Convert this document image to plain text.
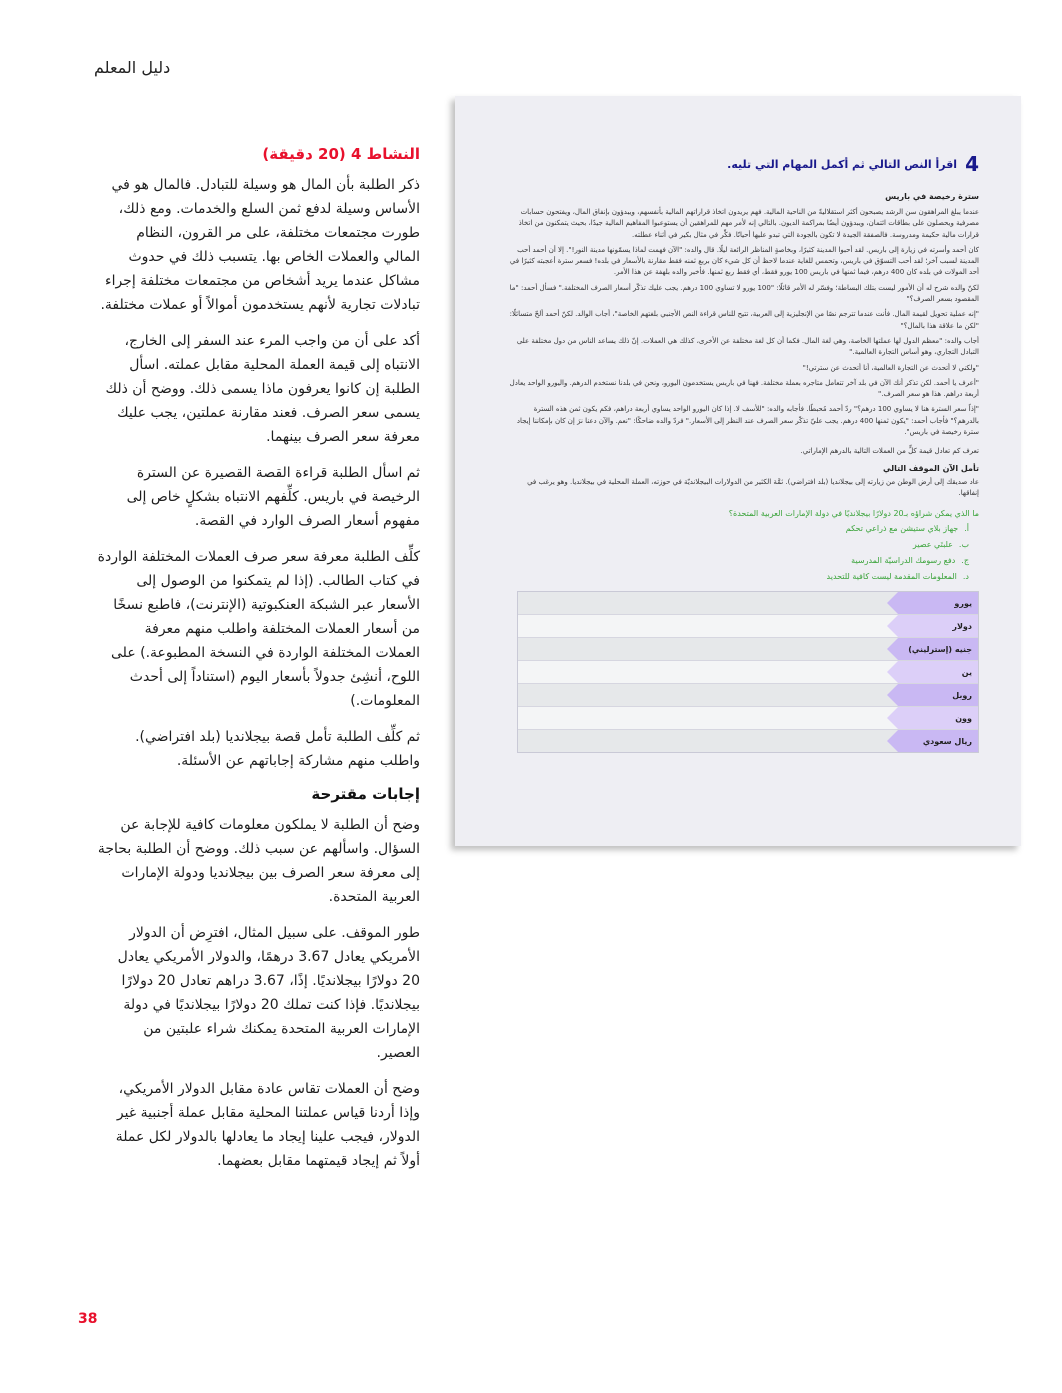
دليل المعلم
النشاط 4 (20 دقيقة)

ذكر الطلبة بأن المال هو وسيلة للتبادل. فالمال هو في الأساس وسيلة لدفع ثمن السلع والخدمات. ومع ذلك، طورت مجتمعات مختلفة، على مر القرون، النظام المالي والعملات الخاص بها. يتسبب ذلك في حدوث مشاكل عندما يريد أشخاص من مجتمعات مختلفة إجراء تبادلات تجارية لأنهم يستخدمون أموالاً أو عملات مختلفة.

أكد على أن من واجب المرء عند السفر إلى الخارج، الانتباه إلى قيمة العملة المحلية مقابل عملته. اسأل الطلبة إن كانوا يعرفون ماذا يسمى ذلك. ووضح أن ذلك يسمى سعر الصرف. فعند مقارنة عملتين، يجب عليك معرفة سعر الصرف بينهما.

ثم اسأل الطلبة قراءة القصة القصيرة عن السترة الرخيصة في باريس. كلِّفهم الانتباه بشكلٍ خاص إلى مفهوم أسعار الصرف الوارد في القصة.

كلِّف الطلبة معرفة سعر صرف العملات المختلفة الواردة في كتاب الطالب. (إذا لم يتمكنوا من الوصول إلى الأسعار عبر الشبكة العنكبوتية (الإنترنت)، فاطبع نسخًا من أسعار العملات المختلفة واطلب منهم معرفة العملات المختلفة الواردة في النسخة المطبوعة.) على اللوح، أنشِئ جدولاً بأسعار اليوم (استناداً إلى أحدث المعلومات.)

ثم كلِّف الطلبة تأمل قصة بيجلانديا (بلد افتراضي). واطلب منهم مشاركة إجاباتهم عن الأسئلة.

إجابات مقترحة

وضح أن الطلبة لا يملكون معلومات كافية للإجابة عن السؤال. واسألهم عن سبب ذلك. ووضح أن الطلبة بحاجة إلى معرفة سعر الصرف بين بيجلانديا ودولة الإمارات العربية المتحدة.

طور الموقف. على سبيل المثال، افترِض أن الدولار الأمريكي يعادل 3.67 درهمًا، والدولار الأمريكي يعادل 20 دولارًا بيجلانديًا. إذًا، 3.67 دراهم تعادل 20 دولارًا بيجلانديًا. فإذا كنت تملك 20 دولارًا بيجلانديًا في دولة الإمارات العربية المتحدة يمكنك شراء علبتين من العصير.

وضح أن العملات تقاس عادة مقابل الدولار الأمريكي، وإذا أردنا قياس عملتنا المحلية مقابل عملة أجنبية غير الدولار، فيجب علينا إيجاد ما يعادلها بالدولار لكل عملة أولاً ثم إيجاد قيمتهما مقابل بعضهما.

4
اقرأ النص التالي ثم أكمل المهام التي تليه.
سترة رخيصة في باريس

عندما يبلغ المراهقون سن الرشد يصبحون أكثر استقلاليةً من الناحية المالية. فهم يريدون اتخاذ قراراتهم المالية بأنفسهم، ويبدؤون بإنفاق المال، ويفتحون حسابات مصرفية ويحصلون على بطاقات ائتمان، ويبدؤون أيضًا بمراكمة الديون. بالتالي إنه لأمر مهم للمراهقين أن يستوعبوا المفاهيم المالية جيدًا، بحيث يتمكنون من اتخاذ قرارات مالية حكيمة ومدروسة. فالصفقة الجيدة لا تكون بالجودة التي تبدو عليها أحيانًا. فكِّر في مثال بكير في أثناء عطلته.

كان أحمد وأسرته في زيارة إلى باريس. لقد أحبوا المدينة كثيرًا، وبخاصةٍ المناظر الرائعة ليلًا. قال والده: "الآن فهمت لماذا يسمّونها مدينة النور!". إلا أن أحمد أحب المدينة لسبب آخر؛ لقد أحب التسوّق في باريس، وتحمس للغاية عندما لاحظ أن كل شيء كان بربع ثمنه فقط مقارنة بالأسعار في بلده! فسعر سترة أعجبته كثيرًا في أحد المولات في بلده كان 400 درهم، فيما ثمنها في باريس 100 يورو فقط، أي فقط ربع ثمنها. فأخبر والده بلهفة عن هذا الأمر.

لكنّ والده شرح له أن الأمور ليست بتلك البساطة؛ وفسّر له الأمر قائلًا: "100 يورو لا تساوي 100 درهم. يجب عليك تذكّر أسعار الصرف المختلفة." فسأل أحمد: "ما المقصود بسعر الصرف؟"

"إنه عملية تحويل لقيمة المال. فأنت عندما تترجم نصًا من الإنجليزية إلى العربية، تتيح للناس قراءة النص الأجنبي بلغتهم الخاصة"، أجاب الوالد. لكنّ أحمد ألحّ متسائلًا: "لكن ما علاقة هذا بالمال؟"

أجاب والده: "معظم الدول لها عملتها الخاصة، وهي لغة المال. فكما أن كل لغة مختلفة عن الأخرى، كذلك هي العملات. إنّ ذلك يساعد الناس من دول مختلفة على التبادل التجاري، وهو أساس التجارة العالمية."

"ولكني لا أتحدث عن التجارة العالمية، أنا أتحدث عن سترتي!"

"أعرف يا أحمد. لكن تذكر أنك الآن في بلد آخر تتعامل متاجره بعملة مختلفة. فهنا في باريس يستخدمون اليورو، ونحن في بلدنا نستخدم الدرهم. واليورو الواحد يعادل أربعة دراهم. هذا هو سعر الصرف."

"إذاً سعر السترة هنا لا يساوي 100 درهم؟" ردّ أحمد مُحبطًا. فأجابه والده: "للأسف لا. إذا كان اليورو الواحد يساوي أربعة دراهم، فكم يكون ثمن هذه السترة بالدرهم؟" فأجاب أحمد: "يكون ثمنها 400 درهم. يجب عليّ تذكّر سعر الصرف عند النظر إلى الأسعار." فردّ والده ضاحكًا: "نعم. والآن دعنا نرَ إن كان بإمكاننا إيجاد سترة رخيصة في باريس".

تعرف كم تعادل قيمة كلٍّ من العملات التالية بالدرهم الإماراتي.

تأمل الآن الموقف التالي

عاد صديقك إلى أرض الوطن من زيارته إلى بيجلانديا (بلد افتراضي). ثمَّة الكثير من الدولارات البيجلانديّة في حوزته، العملة المحلية في بيجلانديا. وهو يرغب في إنفاقها.

ما الذي يمكن شراؤه بـ20 دولارًا بيجلانديًا في دولة الإمارات العربية المتحدة؟
أ.
جهاز بلاي ستيشن مع ذراعي تحكم
ب.
علبتَي عصير
ج.
دفع رسومك الدراسيّة المدرسية
د.
المعلومات المقدمة ليست كافية للتحديد
يورو
دولار
جنيه (إسترليني)
ين
روبل
وون
ريال سعودي
38
